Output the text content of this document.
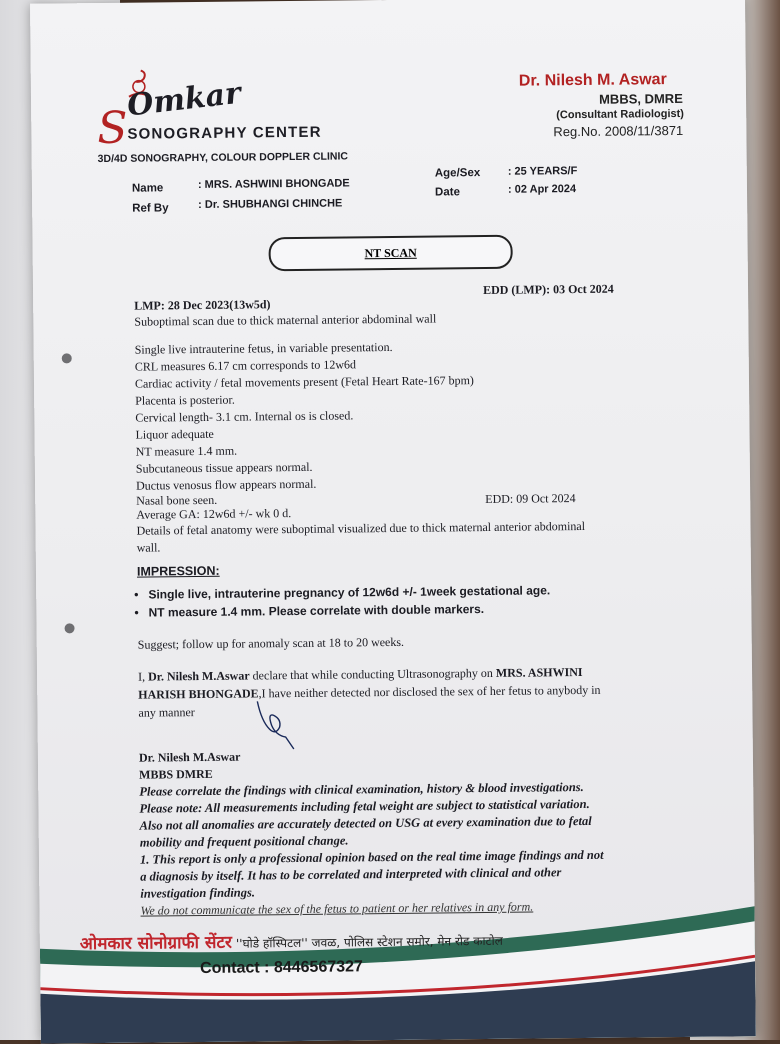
Omkar
S SONOGRAPHY CENTER
3D/4D SONOGRAPHY, COLOUR DOPPLER CLINIC
Dr. Nilesh M. Aswar
MBBS, DMRE
(Consultant Radiologist)
Reg.No. 2008/11/3871
Name	: MRS. ASHWINI BHONGADE
Ref By	: Dr. SHUBHANGI CHINCHE
Age/Sex : 25 YEARS/F
Date	: 02 Apr 2024
NT SCAN
LMP: 28 Dec 2023(13w5d)
EDD (LMP): 03 Oct 2024
Suboptimal scan due to thick maternal anterior abdominal wall
Single live intrauterine fetus, in variable presentation.
CRL measures 6.17 cm corresponds to 12w6d
Cardiac activity / fetal movements present (Fetal Heart Rate-167 bpm)
Placenta is posterior.
Cervical length- 3.1 cm. Internal os is closed.
Liquor adequate
NT measure 1.4 mm.
Subcutaneous tissue appears normal.
Ductus venosus flow appears normal.
Nasal bone seen.
Average GA: 12w6d +/- wk 0 d.
EDD: 09 Oct 2024
Details of fetal anatomy were suboptimal visualized due to thick maternal anterior abdominal
wall.
IMPRESSION:
•   Single live, intrauterine pregnancy of 12w6d +/- 1week gestational age.
•   NT measure 1.4 mm. Please correlate with double markers.
Suggest; follow up for anomaly scan at 18 to 20 weeks.
I, Dr. Nilesh M.Aswar declare that while conducting Ultrasonography on MRS. ASHWINI
HARISH BHONGADE,I have neither detected nor disclosed the sex of her fetus to anybody in
any manner
Dr. Nilesh M.Aswar
MBBS DMRE
Please correlate the findings with clinical examination, history & blood investigations.
Please note: All measurements including fetal weight are subject to statistical variation.
Also not all anomalies are accurately detected on USG at every examination due to fetal
mobility and frequent positional change.
1. This report is only a professional opinion based on the real time image findings and not
a diagnosis by itself. It has to be correlated and interpreted with clinical and other
investigation findings.
We do not communicate the sex of the fetus to patient or her relatives in any form.
ओमकार सोनोग्राफी सेंटर ''घोडे हॉस्पिटल'' जवळ, पोलिस स्टेशन समोर, मेन रोड काटोल
Contact : 8446567327
